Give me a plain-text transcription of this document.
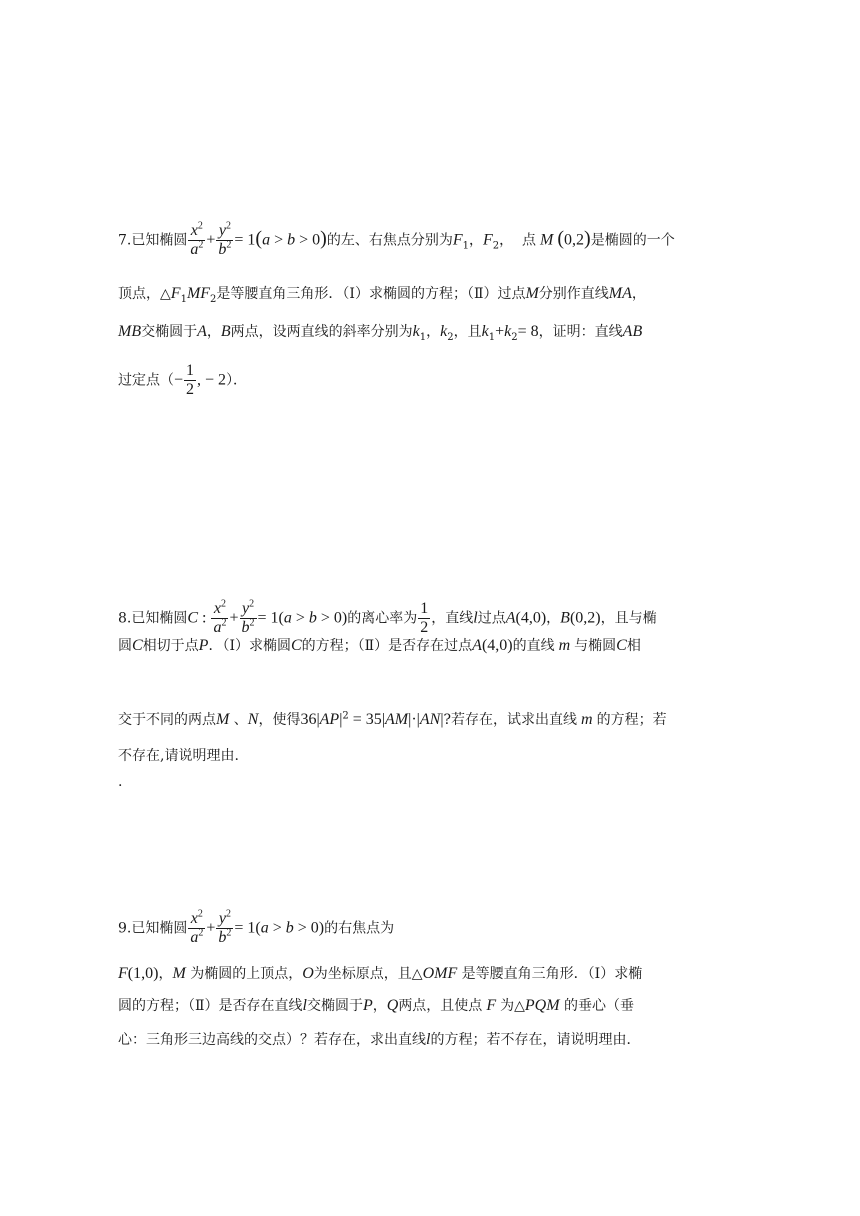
7.已知椭圆 $\frac{x^2}{a^2} + \frac{y^2}{b^2} = 1(a > b > 0)$的左、右焦点分别为$F_1$，$F_2$，  点 M (0,2)是椭圆的一个
顶点，$\triangle F_1MF_2$是等腰直角三角形．（Ⅰ）求椭圆的方程；（Ⅱ）过点M分别作直线MA，
MB交椭圆于A，B两点，设两直线的斜率分别为$k_1$，$k_2$，且$k_1+k_2= 8$，证明：直线AB
过定点（− $\frac{1}{2}$ , − 2）．
8.已知椭圆C : $\frac{x^2}{a^2} + \frac{y^2}{b^2} = 1(a > b > 0)$的离心率为 $\frac{1}{2}$ ，直线l过点A(4,0)，B(0,2)，且与椭
圆C相切于点P．（Ⅰ）求椭圆C的方程；（Ⅱ）是否存在过点A(4,0)的直线 m 与椭圆C相
交于不同的两点M 、N，使得$36|AP|^2 = 35|AM|\cdot|AN|$?若存在，试求出直线 m 的方程；若
不存在,请说明理由.
.
9.已知椭圆 $\frac{x^2}{a^2} + \frac{y^2}{b^2} = 1(a > b > 0)$的右焦点为
F(1,0)，M 为椭圆的上顶点，O为坐标原点，且△OMF 是等腰直角三角形．（Ⅰ）求椭
圆的方程；（Ⅱ）是否存在直线l交椭圆于P，Q两点，且使点 F 为△PQM 的垂心（垂
心：三角形三边高线的交点）？若存在，求出直线l的方程；若不存在，请说明理由．
